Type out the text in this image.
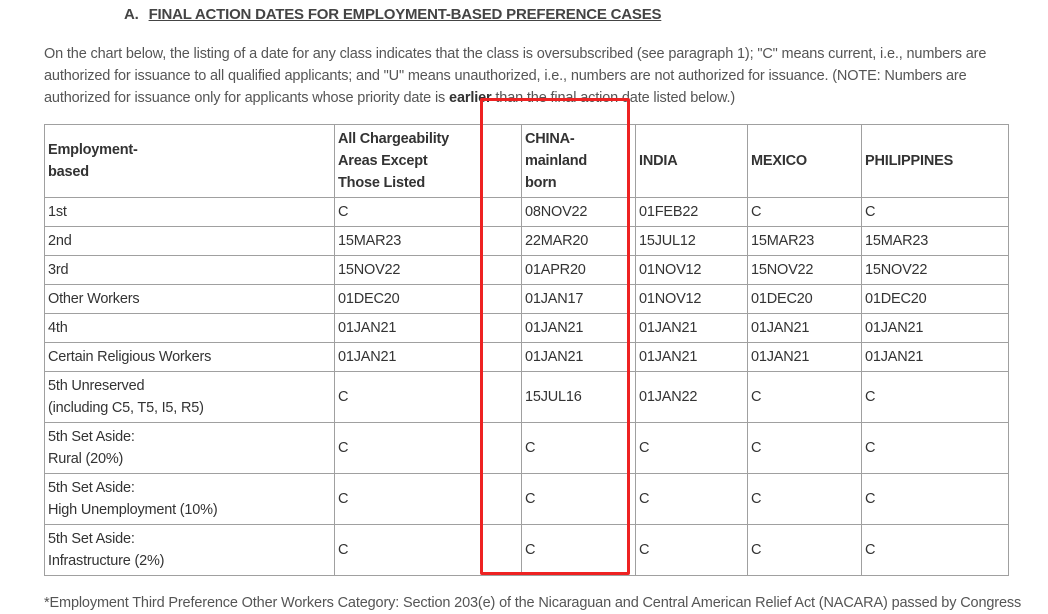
A. FINAL ACTION DATES FOR EMPLOYMENT-BASED PREFERENCE CASES
On the chart below, the listing of a date for any class indicates that the class is oversubscribed (see paragraph 1); "C" means current, i.e., numbers are authorized for issuance to all qualified applicants; and "U" means unauthorized, i.e., numbers are not authorized for issuance. (NOTE: Numbers are authorized for issuance only for applicants whose priority date is earlier than the final action date listed below.)
Employment-
based	All Chargeability
Areas Except
Those Listed	CHINA-
mainland
born	INDIA	MEXICO	PHILIPPINES
1st	C	08NOV22	01FEB22	C	C
2nd	15MAR23	22MAR20	15JUL12	15MAR23	15MAR23
3rd	15NOV22	01APR20	01NOV12	15NOV22	15NOV22
Other Workers	01DEC20	01JAN17	01NOV12	01DEC20	01DEC20
4th	01JAN21	01JAN21	01JAN21	01JAN21	01JAN21
Certain Religious Workers	01JAN21	01JAN21	01JAN21	01JAN21	01JAN21
5th Unreserved
(including C5, T5, I5, R5)	C	15JUL16	01JAN22	C	C
5th Set Aside:
Rural (20%)	C	C	C	C	C
5th Set Aside:
High Unemployment (10%)	C	C	C	C	C
5th Set Aside:
Infrastructure (2%)	C	C	C	C	C
*Employment Third Preference Other Workers Category: Section 203(e) of the Nicaraguan and Central American Relief Act (NACARA) passed by Congress
